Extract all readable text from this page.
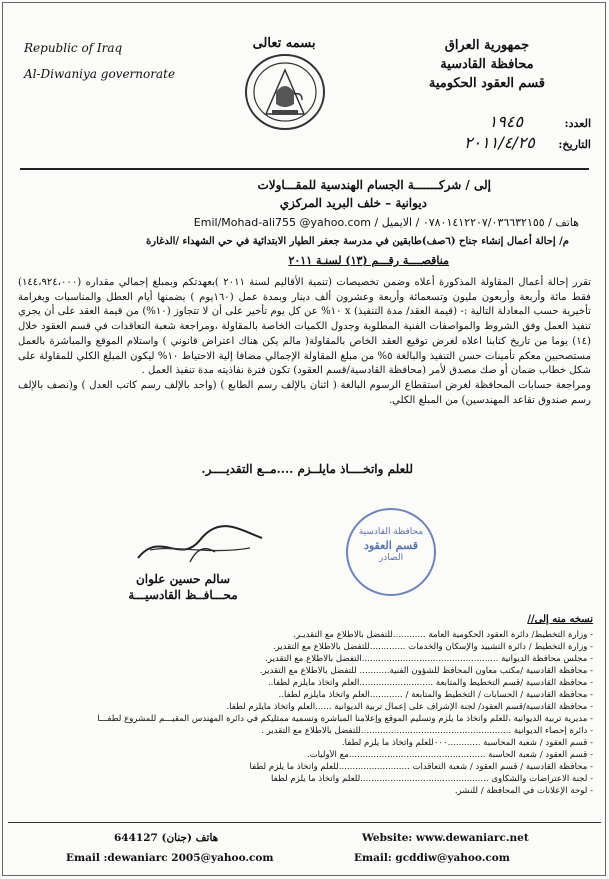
Republic of Iraq
Al-Diwaniya governorate
بسمه تعالى	جمهورية العراق
محافظة القادسية
قسم العقود الحكومية
العدد: ١٩٤٥
التاريخ: ٢٠١١/٤/٢٥
إلى / شركـــــــة الجسام الهندسية للمقـــاولات
ديوانية – خلف البريد المركزي
هاتف / ٠٧٨٠١٤١٢٢٠٧/٠٣٦٦٣٢١٥٥ / الايميل / Emil/Mohad-ali755 @yahoo.com
م/ إحالة أعمال إنشاء جناح (٦صف)طابقين في مدرسة جعفر الطيار الابتدائية في حي الشهداء /الدغارة
مناقصــــة رقـــم (١٣) لسنـة ٢٠١١

تقرر إحالة أعمال المقاولة المذكورة أعلاه وضمن تخصيصات (تنمية الأقاليم لسنة ٢٠١١ )بعهدتكم وبمبلغ إجمالي مقداره (١٤٤،٩٢٤،٠٠٠) فقط مائة وأربعة وأربعون مليون وتسعمائة وأربعة وعشرون ألف دينار وبمدة عمل (١٦٠يوم ) يضمنها أيام العطل والمناسبات وبغرامة تأخيرية حسب المعادلة التالية :- (قيمة العقد/ مدة التنفيذ) x ١٠% عن كل يوم تأخير على أن لا تتجاوز (١٠%) من قيمة العقد على أن يجري تنفيذ العمل وفق الشروط والمواصفات الفنية المطلوبة وجدول الكميات الخاصة بالمقاولة ،ومراجعة شعبة التعاقدات في قسم العقود خلال (١٤) يوما من تاريخ كتابنا اعلاه لغرض توقيع العقد الخاص بالمقاولة( مالم يكن هناك اعتراض قانوني ) واستلام الموقع والمباشرة بالعمل مستصحبين معكم تأمينات حسن التنفيذ والبالغة ٥% من مبلغ المقاولة الإجمالي مضافا إلية الاحتياط ١٠% ليكون المبلغ الكلي للمقاولة على شكل خطاب ضمان أو صك مصدق لأمر (محافظة القادسية/قسم العقود) تكون فترة نفاذيته مدة تنفيذ العمل .

ومراجعة حسابات المحافظة لغرض استقطاع الرسوم البالغة ( اثنان بالإلف رسم الطابع ) (واحد بالإلف رسم كاتب العدل ) و(نصف بالإلف رسم صندوق تقاعد المهندسين) من المبلغ الكلي.

للعلم واتخــــاذ مايلــزم ....مــع التقديــــر.
محافظة القادسية
قسم العقود
الصادر
سالم حسين علوان
محـــافــظ القادسيـــة
نسخه منه إلى//
- وزارة التخطيط/ دائرة العقود الحكومية العامة ............للتفضل بالاطلاع مع التقديـر.
- وزارة التخطيط / دائرة التشييد والإسكان والخدمات .............للتفضل بالاطلاع مع التقدير.
- مجلس محافظة الديوانية ..................................................التفضل بالاطلاع مع التقدير.
- محافظة القادسية /مكتب معاون المحافظ للشؤون الفنية........... للتفضل بالاطلاع مع التقدير.
- محافظة القادسية /قسم التخطيط والمتابعة ...........................العلم واتخاذ مايلزم لطفا..
- محافظة القادسية / الحسابات / التخطيط والمتابعة / ............العلم واتخاذ مايلزم لطفا..
- محافظة القادسية/قسم العقود/ لجنة الإشراف على إعمال تربية الديوانية ......العلم واتخاذ مايلزم لطفا.
- مديرية تربية الديوانية ،للعلم واتخاذ ما يلزم وتسليم الموقع وإعلامنا المباشرة وتسمية ممثليكم في دائرة المهندس المقيـــم للمشروع لطفـــا
- دائرة إحصاء الديوانية .......................................................للتفضل بالاطلاع مع التقدير .
- قسم العقود / شعبة المحاسبة ............٠٠٠للعلم واتخاذ ما يلزم لطفا.
- قسم العقود / شعبة الحاسبة ..................................................مع الأوليات.
- محافظة القادسية / قسم العقود / شعبة التعاقدات ..........................للعلم واتخاذ ما يلزم لطفا
- لجنة الاعتراضات والشكاوى ...............................................للعلم واتخاذ ما يلزم لطفا
- لوحة الإعلانات في المحافظة / للنشر.
هاتف (جنان) 644127	Website: www.dewaniarc.net
Email :dewaniarc 2005@yahoo.com	Email: gcddiw@yahoo.com
